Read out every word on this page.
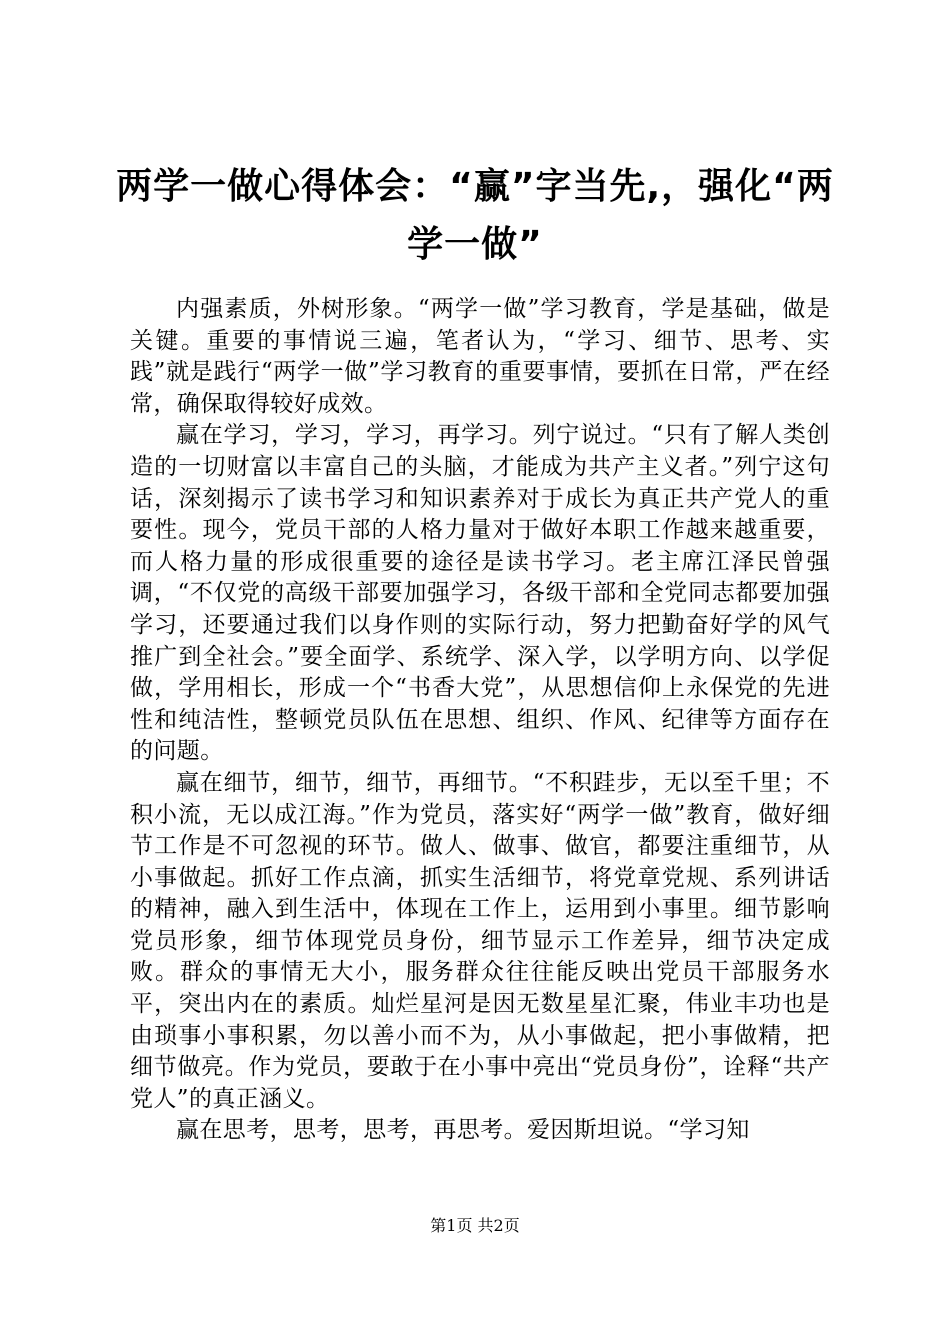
两学一做心得体会：“赢”字当先,，强化“两学一做”

内强素质，外树形象。“两学一做”学习教育，学是基础，做是关键。重要的事情说三遍，笔者认为，“学习、细节、思考、实践”就是践行“两学一做”学习教育的重要事情，要抓在日常，严在经常，确保取得较好成效。

赢在学习，学习，学习，再学习。列宁说过。“只有了解人类创造的一切财富以丰富自己的头脑，才能成为共产主义者。”列宁这句话，深刻揭示了读书学习和知识素养对于成长为真正共产党人的重要性。现今，党员干部的人格力量对于做好本职工作越来越重要，而人格力量的形成很重要的途径是读书学习。老主席江泽民曾强调，“不仅党的高级干部要加强学习，各级干部和全党同志都要加强学习，还要通过我们以身作则的实际行动，努力把勤奋好学的风气推广到全社会。”要全面学、系统学、深入学，以学明方向、以学促做，学用相长，形成一个“书香大党”，从思想信仰上永保党的先进性和纯洁性，整顿党员队伍在思想、组织、作风、纪律等方面存在的问题。

赢在细节，细节，细节，再细节。“不积跬步，无以至千里；不积小流，无以成江海。”作为党员，落实好“两学一做”教育，做好细节工作是不可忽视的环节。做人、做事、做官，都要注重细节，从小事做起。抓好工作点滴，抓实生活细节，将党章党规、系列讲话的精神，融入到生活中，体现在工作上，运用到小事里。细节影响党员形象，细节体现党员身份，细节显示工作差异，细节决定成败。群众的事情无大小，服务群众往往能反映出党员干部服务水平，突出内在的素质。灿烂星河是因无数星星汇聚，伟业丰功也是由琐事小事积累，勿以善小而不为，从小事做起，把小事做精，把细节做亮。作为党员，要敢于在小事中亮出“党员身份”，诠释“共产党人”的真正涵义。

赢在思考，思考，思考，再思考。爱因斯坦说。“学习知

第1页 共2页
